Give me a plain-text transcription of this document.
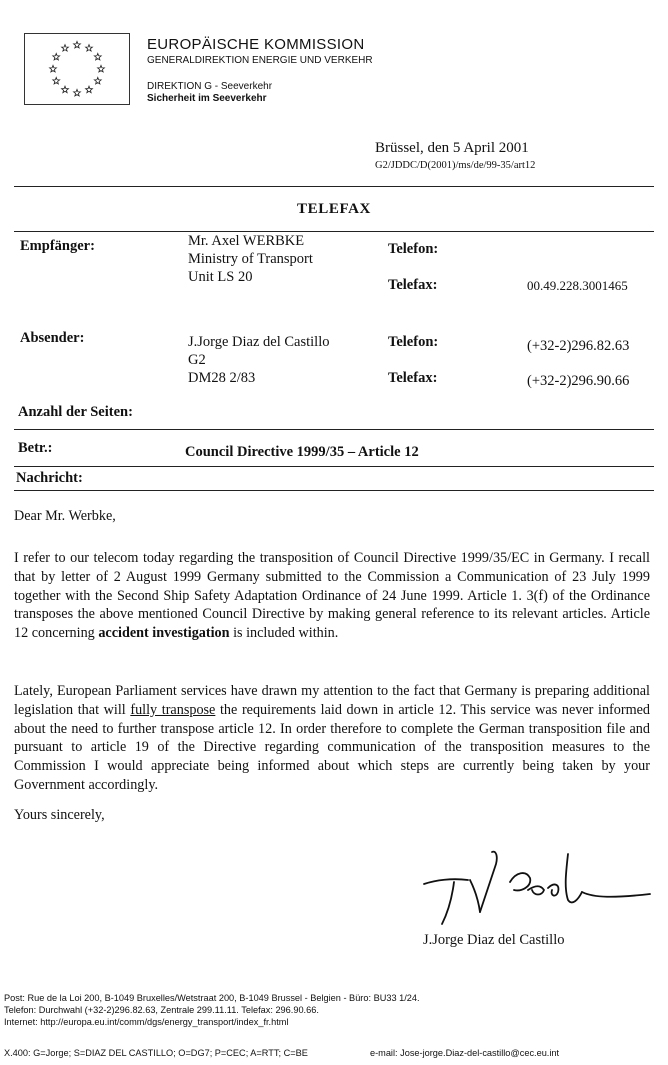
EUROPÄISCHE KOMMISSION
GENERALDIREKTION ENERGIE UND VERKEHR
DIREKTION G - Seeverkehr
Sicherheit im Seeverkehr
Brüssel, den 5 April 2001
G2/JDDC/D(2001)/ms/de/99-35/art12
TELEFAX
Empfänger:	Mr. Axel WERBKE
Ministry of Transport
Unit LS 20
Telefon:
Telefax:	00.49.228.3001465
Absender:	J.Jorge Diaz del Castillo
G2
DM28 2/83
Telefon:	(+32-2)296.82.63
Telefax:	(+32-2)296.90.66
Anzahl der Seiten:
Betr.:	Council Directive 1999/35 – Article 12
Nachricht:
Dear Mr. Werbke,
I refer to our telecom today regarding the transposition of Council Directive 1999/35/EC in Germany. I recall that by letter of 2 August 1999 Germany submitted to the Commission a Communication of 23 July 1999 together with the Second Ship Safety Adaptation Ordinance of 24 June 1999. Article 1. 3(f) of the Ordinance transposes the above mentioned Council Directive by making general reference to its relevant articles. Article 12 concerning accident investigation is included within.
Lately, European Parliament services have drawn my attention to the fact that Germany is preparing additional legislation that will fully transpose the requirements laid down in article 12. This service was never informed about the need to further transpose article 12. In order therefore to complete the German transposition file and pursuant to article 19 of the Directive regarding communication of the transposition measures to the Commission I would appreciate being informed about which steps are currently being taken by your Government accordingly.
Yours sincerely,
J.Jorge Diaz del Castillo
Post: Rue de la Loi 200, B-1049 Bruxelles/Wetstraat 200, B-1049 Brussel - Belgien - Büro: BU33 1/24.
Telefon: Durchwahl (+32-2)296.82.63, Zentrale 299.11.11. Telefax: 296.90.66.
Internet: http://europa.eu.int/comm/dgs/energy_transport/index_fr.html
X.400: G=Jorge; S=DIAZ DEL CASTILLO; O=DG7; P=CEC; A=RTT; C=BE	e-mail: Jose-jorge.Diaz-del-castillo@cec.eu.int
